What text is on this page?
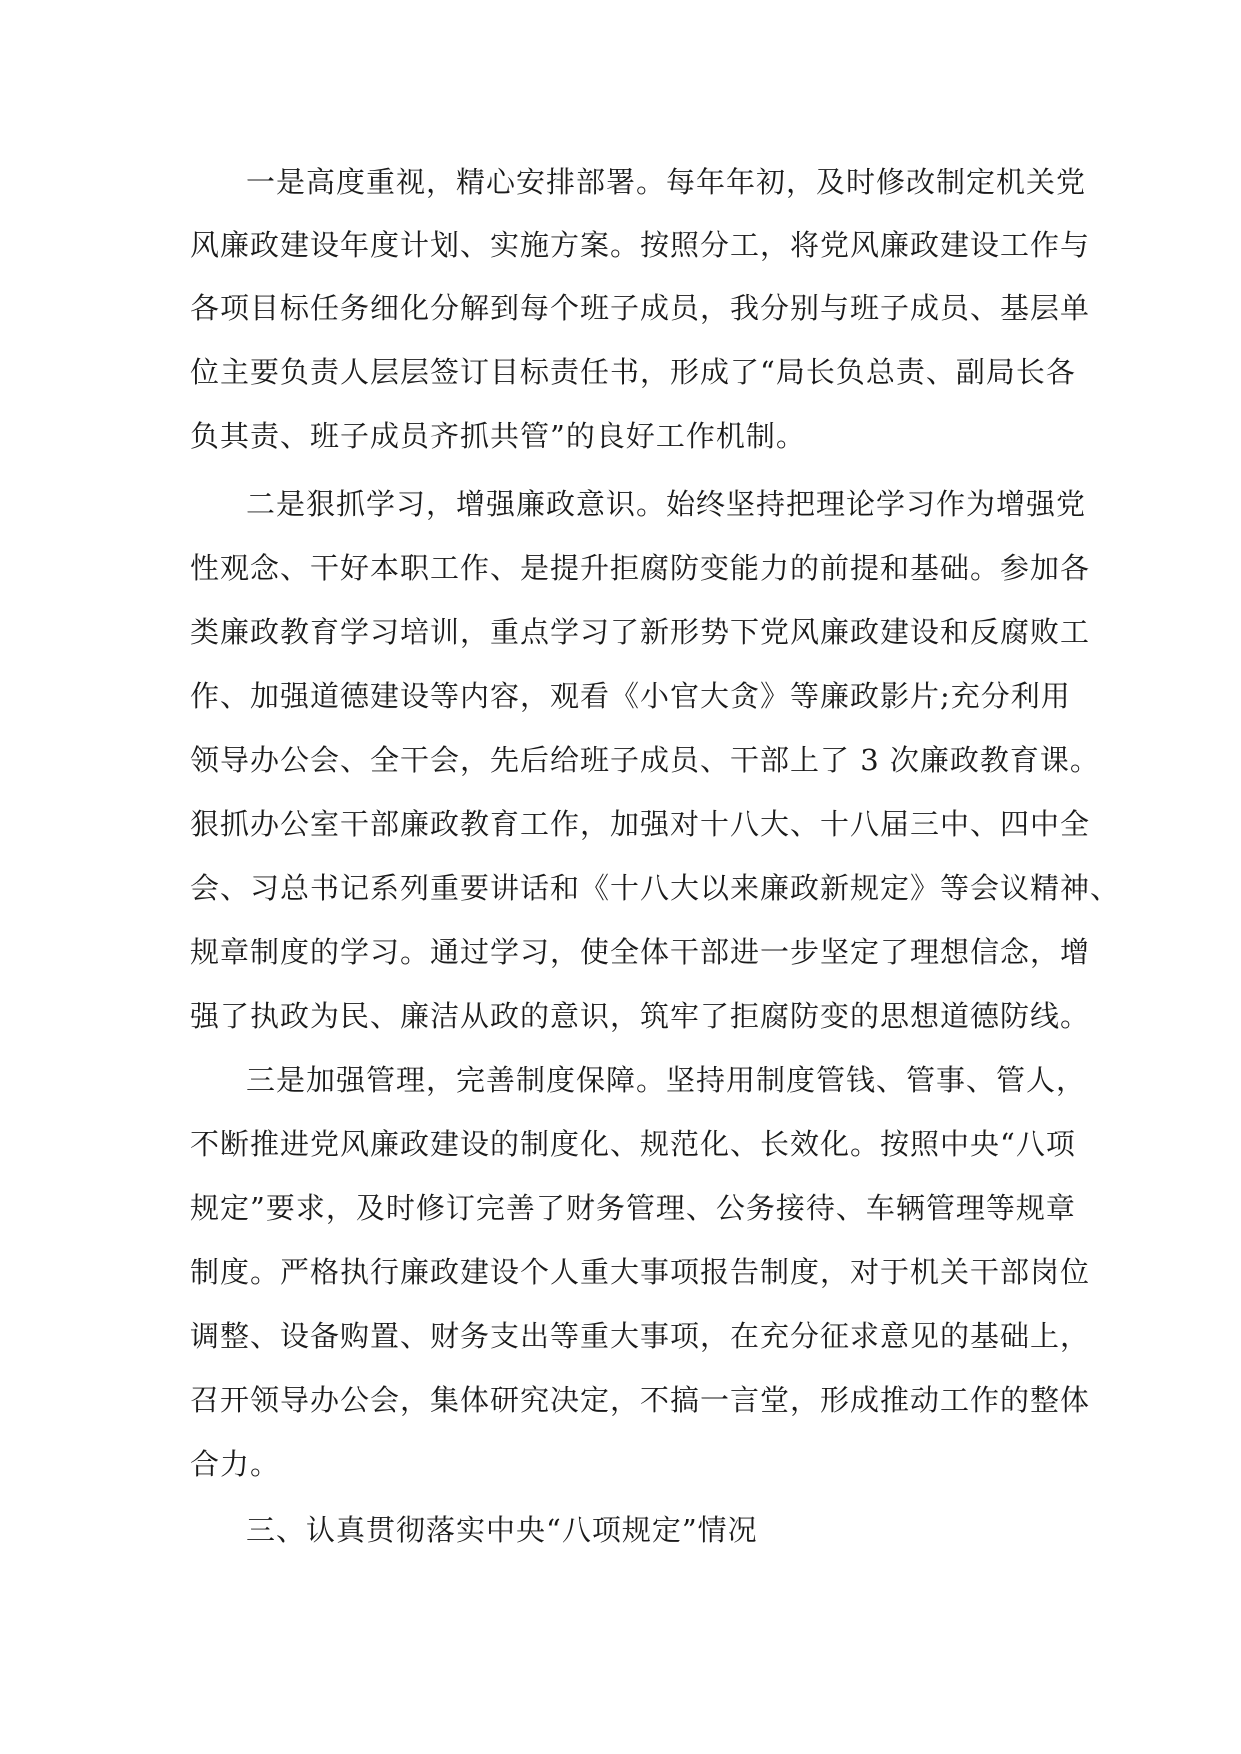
一是高度重视，精心安排部署。每年年初，及时修改制定机关党
风廉政建设年度计划、实施方案。按照分工，将党风廉政建设工作与
各项目标任务细化分解到每个班子成员，我分别与班子成员、基层单
位主要负责人层层签订目标责任书，形成了“局长负总责、副局长各
负其责、班子成员齐抓共管”的良好工作机制。
二是狠抓学习，增强廉政意识。始终坚持把理论学习作为增强党
性观念、干好本职工作、是提升拒腐防变能力的前提和基础。参加各
类廉政教育学习培训，重点学习了新形势下党风廉政建设和反腐败工
作、加强道德建设等内容，观看《小官大贪》等廉政影片;充分利用
领导办公会、全干会，先后给班子成员、干部上了 3 次廉政教育课。
狠抓办公室干部廉政教育工作，加强对十八大、十八届三中、四中全
会、习总书记系列重要讲话和《十八大以来廉政新规定》等会议精神、
规章制度的学习。通过学习，使全体干部进一步坚定了理想信念，增
强了执政为民、廉洁从政的意识，筑牢了拒腐防变的思想道德防线。
三是加强管理，完善制度保障。坚持用制度管钱、管事、管人，
不断推进党风廉政建设的制度化、规范化、长效化。按照中央“八项
规定”要求，及时修订完善了财务管理、公务接待、车辆管理等规章
制度。严格执行廉政建设个人重大事项报告制度，对于机关干部岗位
调整、设备购置、财务支出等重大事项，在充分征求意见的基础上，
召开领导办公会，集体研究决定，不搞一言堂，形成推动工作的整体
合力。
三、认真贯彻落实中央“八项规定”情况
